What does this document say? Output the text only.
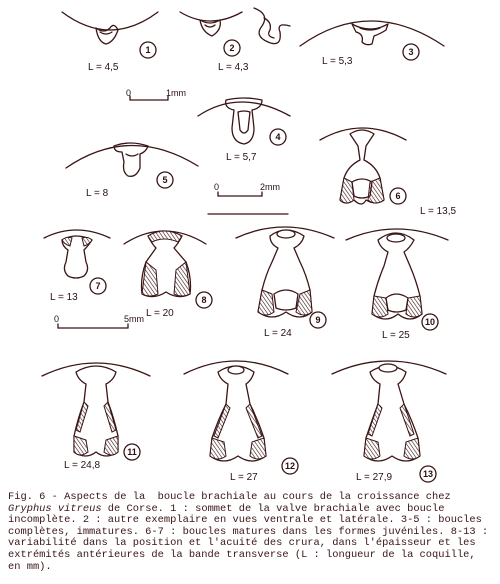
1
L = 4,5
2
L = 4,3
3
L = 5,3
0	1mm
4
L = 5,7
5
L = 8	6
L = 13,5
0	2mm
7
L = 13	8
L = 20
9
L = 24
10
L = 25
0	5mm
11
L = 24,8	12
L = 27	13
L = 27,9
Fig. 6 - Aspects de la  boucle brachiale au cours de la croissance chez Gryphus vitreus de Corse. 1 : sommet de la valve brachiale avec boucle incomplète. 2 : autre exemplaire en vues ventrale et latérale. 3-5 : boucles complètes, immatures. 6-7 : boucles matures dans les formes juvéniles. 8-13 : variabilité dans la position et l'acuité des crura, dans l'épaisseur et les extrémités antérieures de la bande transverse (L : longueur de la coquille, en mm).
